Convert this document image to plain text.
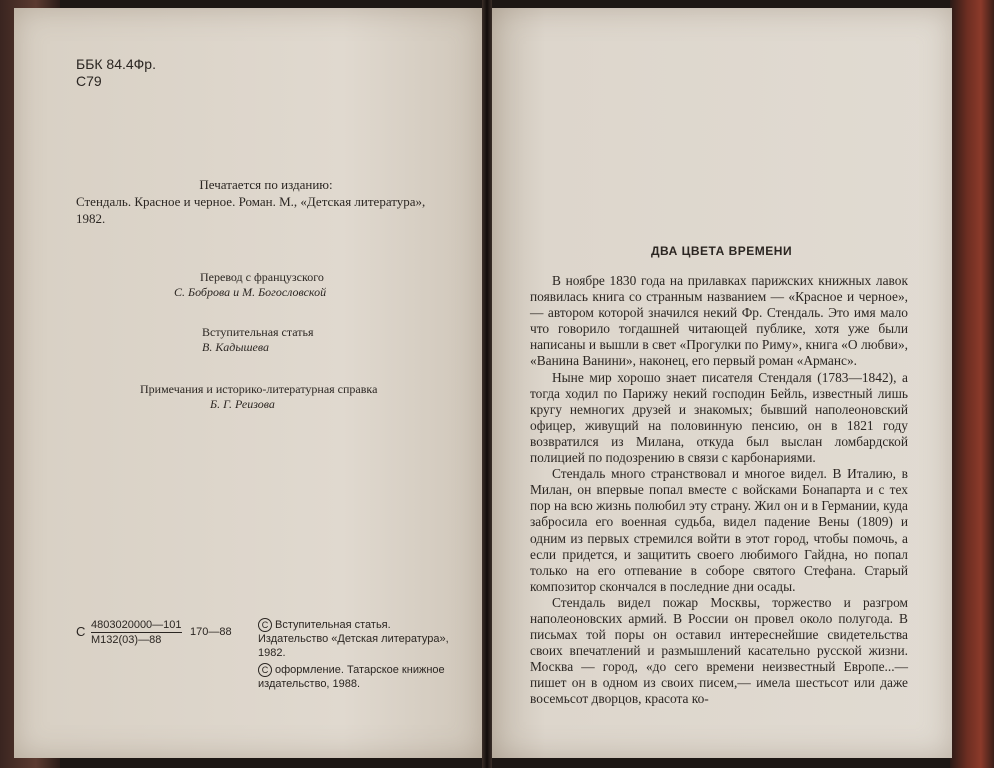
ББК 84.4Фр.
С79
Печатается по изданию:
Стендаль. Красное и черное. Роман. М., «Детская литература», 1982.
Перевод с французского
С. Боброва и М. Богословской
Вступительная статья
В. Кадышева
Примечания и историко-литературная справка
Б. Г. Реизова
С 4803020000—101
М132(03)—88
170—88

С Вступительная статья. Издательство «Детская литература», 1982.

С оформление. Татарское книжное издательство, 1988.

ДВА ЦВЕТА ВРЕМЕНИ

В ноябре 1830 года на прилавках парижских книжных лавок появилась книга со странным названием — «Красное и черное»,— автором которой значился некий Фр. Стендаль. Это имя мало что говорило тогдашней читающей публике, хотя уже были написаны и вышли в свет «Прогулки по Риму», книга «О любви», «Ванина Ванини», наконец, его первый роман «Арманс».

Ныне мир хорошо знает писателя Стендаля (1783—1842), а тогда ходил по Парижу некий господин Бейль, известный лишь кругу немногих друзей и знакомых; бывший наполеоновский офицер, живущий на половинную пенсию, он в 1821 году возвратился из Милана, откуда был выслан ломбардской полицией по подозрению в связи с карбонариями.

Стендаль много странствовал и многое видел. В Италию, в Милан, он впервые попал вместе с войсками Бонапарта и с тех пор на всю жизнь полюбил эту страну. Жил он и в Германии, куда забросила его военная судьба, видел падение Вены (1809) и одним из первых стремился войти в этот город, чтобы помочь, а если придется, и защитить своего любимого Гайдна, но попал только на его отпевание в соборе святого Стефана. Старый композитор скончался в последние дни осады.

Стендаль видел пожар Москвы, торжество и разгром наполеоновских армий. В России он провел около полугода. В письмах той поры он оставил интереснейшие свидетельства своих впечатлений и размышлений касательно русской жизни. Москва — город, «до сего времени неизвестный Европе...— пишет он в одном из своих писем,— имела шестьсот или даже восемьсот дворцов, красота ко-
